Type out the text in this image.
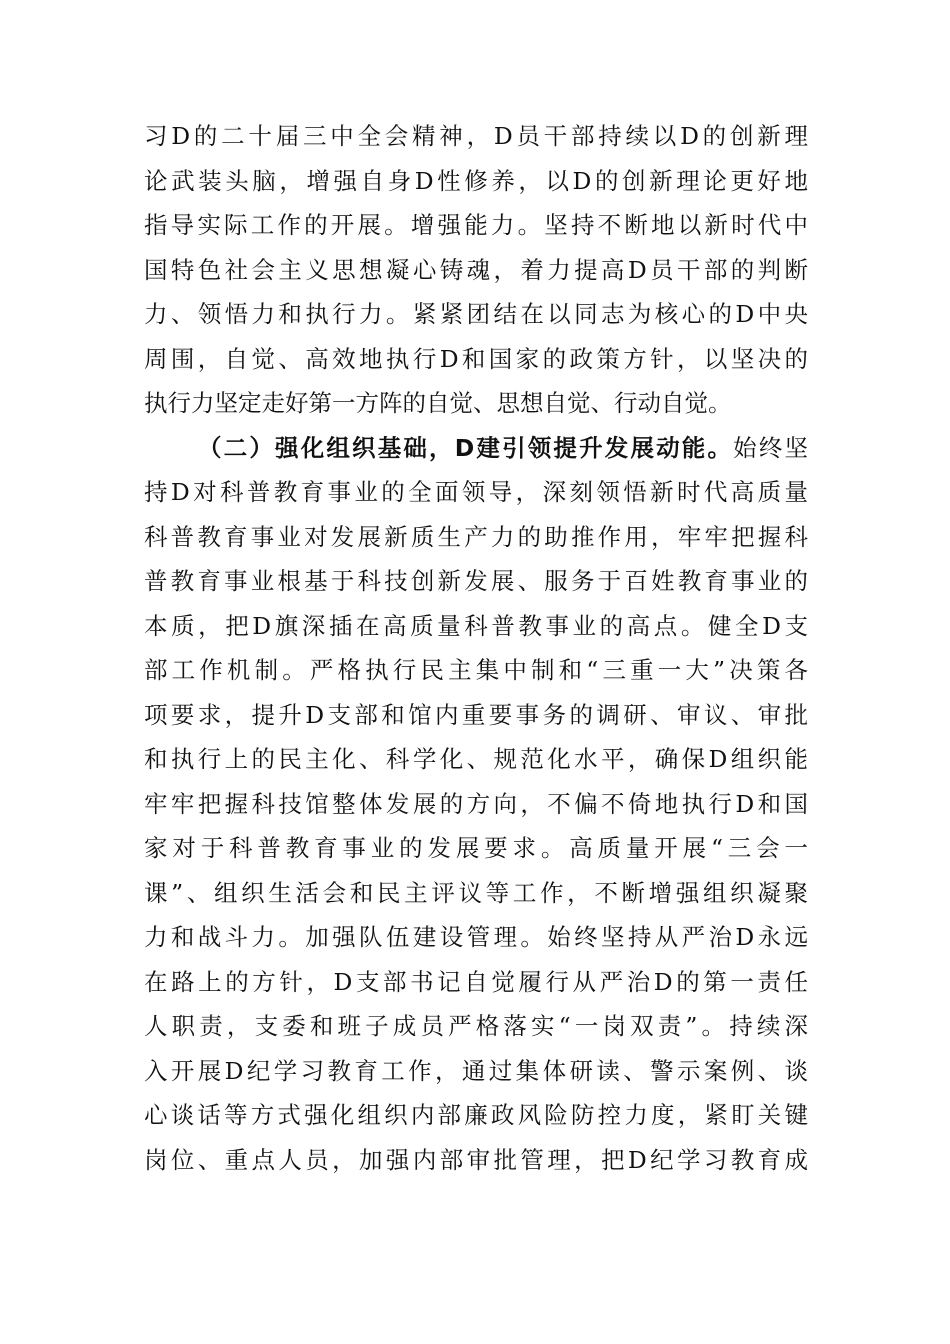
习D的二十届三中全会精神，D员干部持续以D的创新理
论武装头脑，增强自身D性修养，以D的创新理论更好地
指导实际工作的开展。增强能力。坚持不断地以新时代中
国特色社会主义思想凝心铸魂，着力提高D员干部的判断
力、领悟力和执行力。紧紧团结在以同志为核心的D中央
周围，自觉、高效地执行D和国家的政策方针，以坚决的
执行力坚定走好第一方阵的自觉、思想自觉、行动自觉。
（二）强化组织基础，D建引领提升发展动能。始终坚
持D对科普教育事业的全面领导，深刻领悟新时代高质量
科普教育事业对发展新质生产力的助推作用，牢牢把握科
普教育事业根基于科技创新发展、服务于百姓教育事业的
本质，把D旗深插在高质量科普教事业的高点。健全D支
部工作机制。严格执行民主集中制和“三重一大”决策各
项要求，提升D支部和馆内重要事务的调研、审议、审批
和执行上的民主化、科学化、规范化水平，确保D组织能
牢牢把握科技馆整体发展的方向，不偏不倚地执行D和国
家对于科普教育事业的发展要求。高质量开展“三会一
课”、组织生活会和民主评议等工作，不断增强组织凝聚
力和战斗力。加强队伍建设管理。始终坚持从严治D永远
在路上的方针，D支部书记自觉履行从严治D的第一责任
人职责，支委和班子成员严格落实“一岗双责”。持续深
入开展D纪学习教育工作，通过集体研读、警示案例、谈
心谈话等方式强化组织内部廉政风险防控力度，紧盯关键
岗位、重点人员，加强内部审批管理，把D纪学习教育成
